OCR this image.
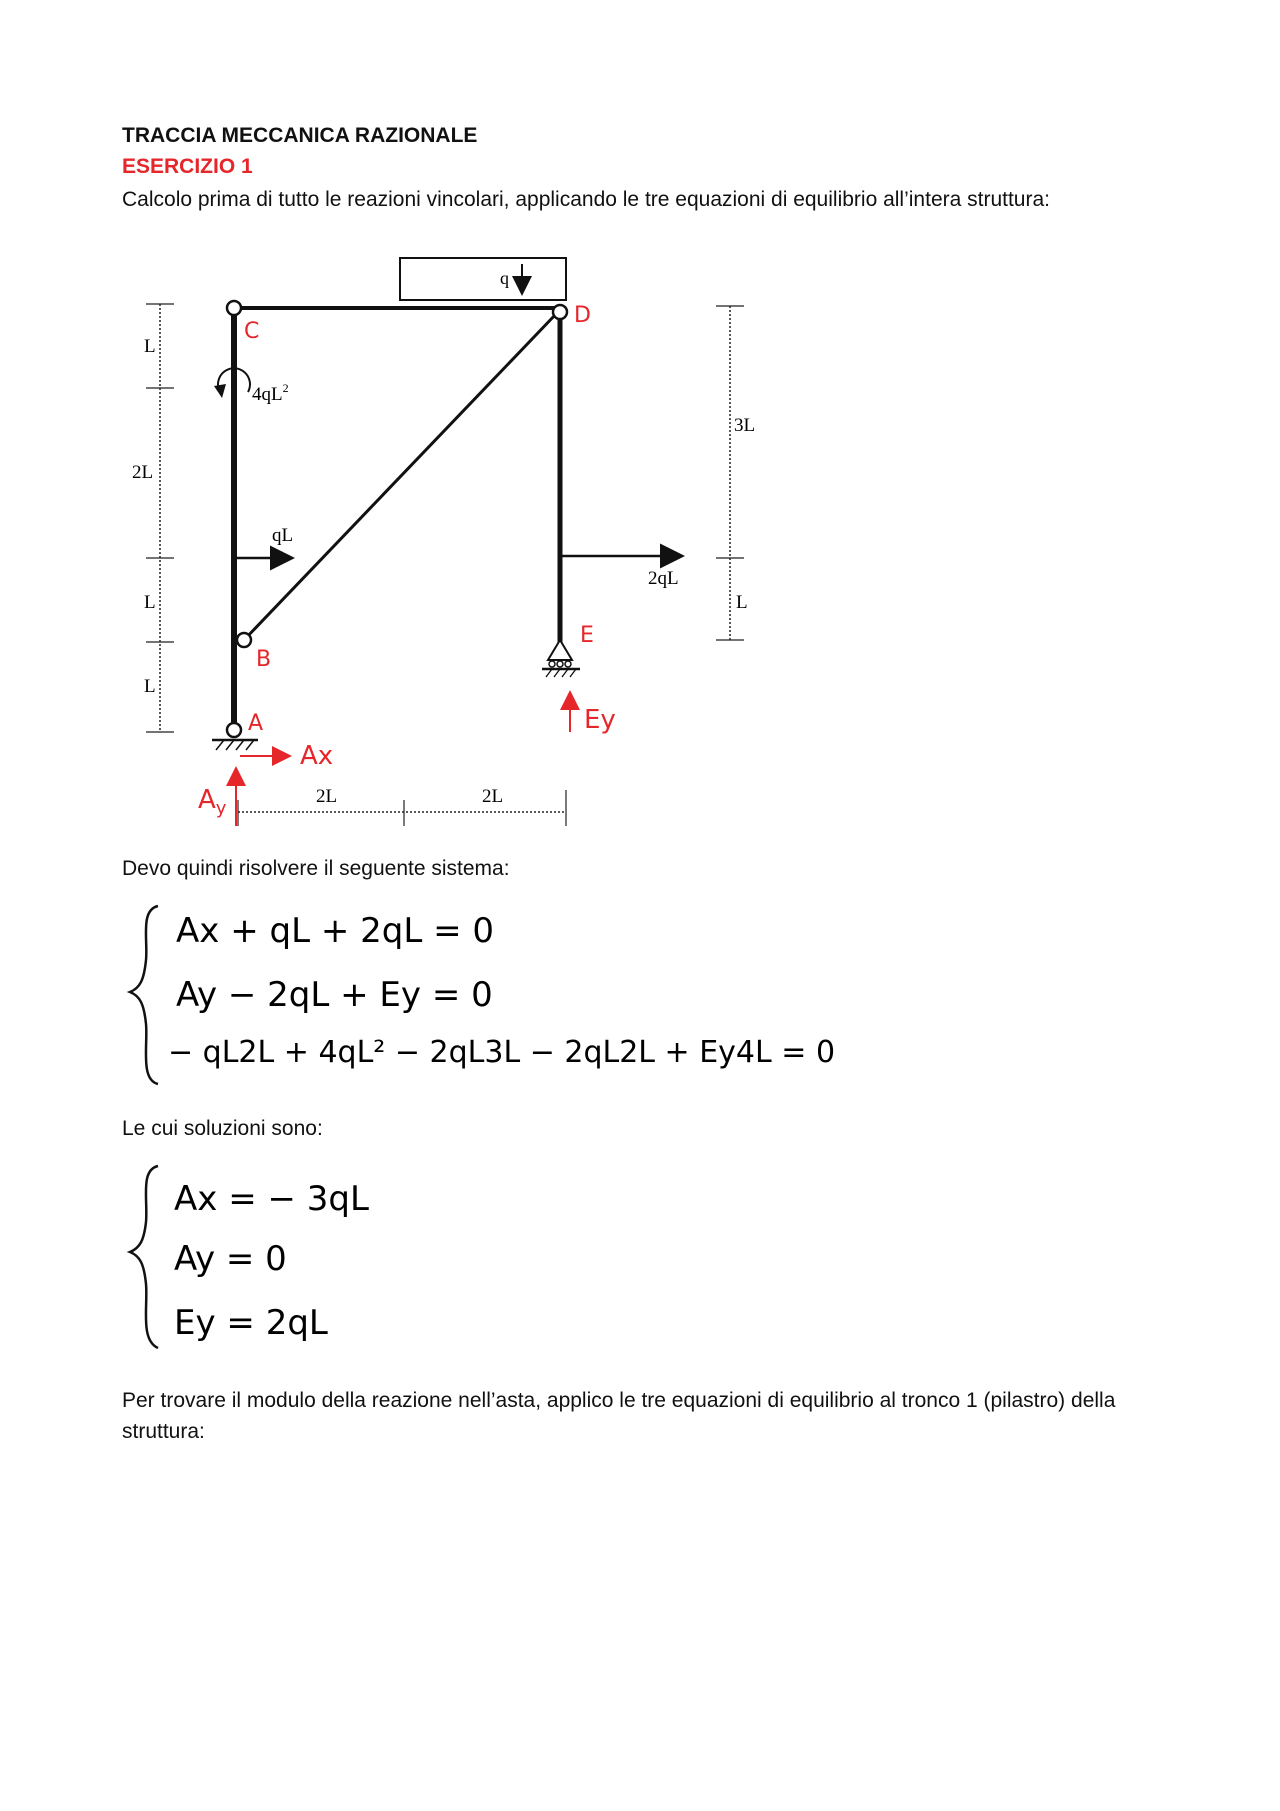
TRACCIA MECCANICA RAZIONALE
ESERCIZIO 1
Calcolo prima di tutto le reazioni vincolari, applicando le tre equazioni di equilibrio all’intera struttura:
q
$4qL^2$
qL
2qL
L
2L
L
L
3L
L
2L	2L
C
D
B
A
E
Ax
Ey
$A_y$
Devo quindi risolvere il seguente sistema:
Ax + qL + 2qL = 0
Ay − 2qL + Ey = 0
− qL2L + 4qL² − 2qL3L − 2qL2L + Ey4L = 0
Le cui soluzioni sono:
Ax = − 3qL
Ay = 0
Ey = 2qL
Per trovare il modulo della reazione nell’asta, applico le tre equazioni di equilibrio al tronco 1 (pilastro) della struttura:
